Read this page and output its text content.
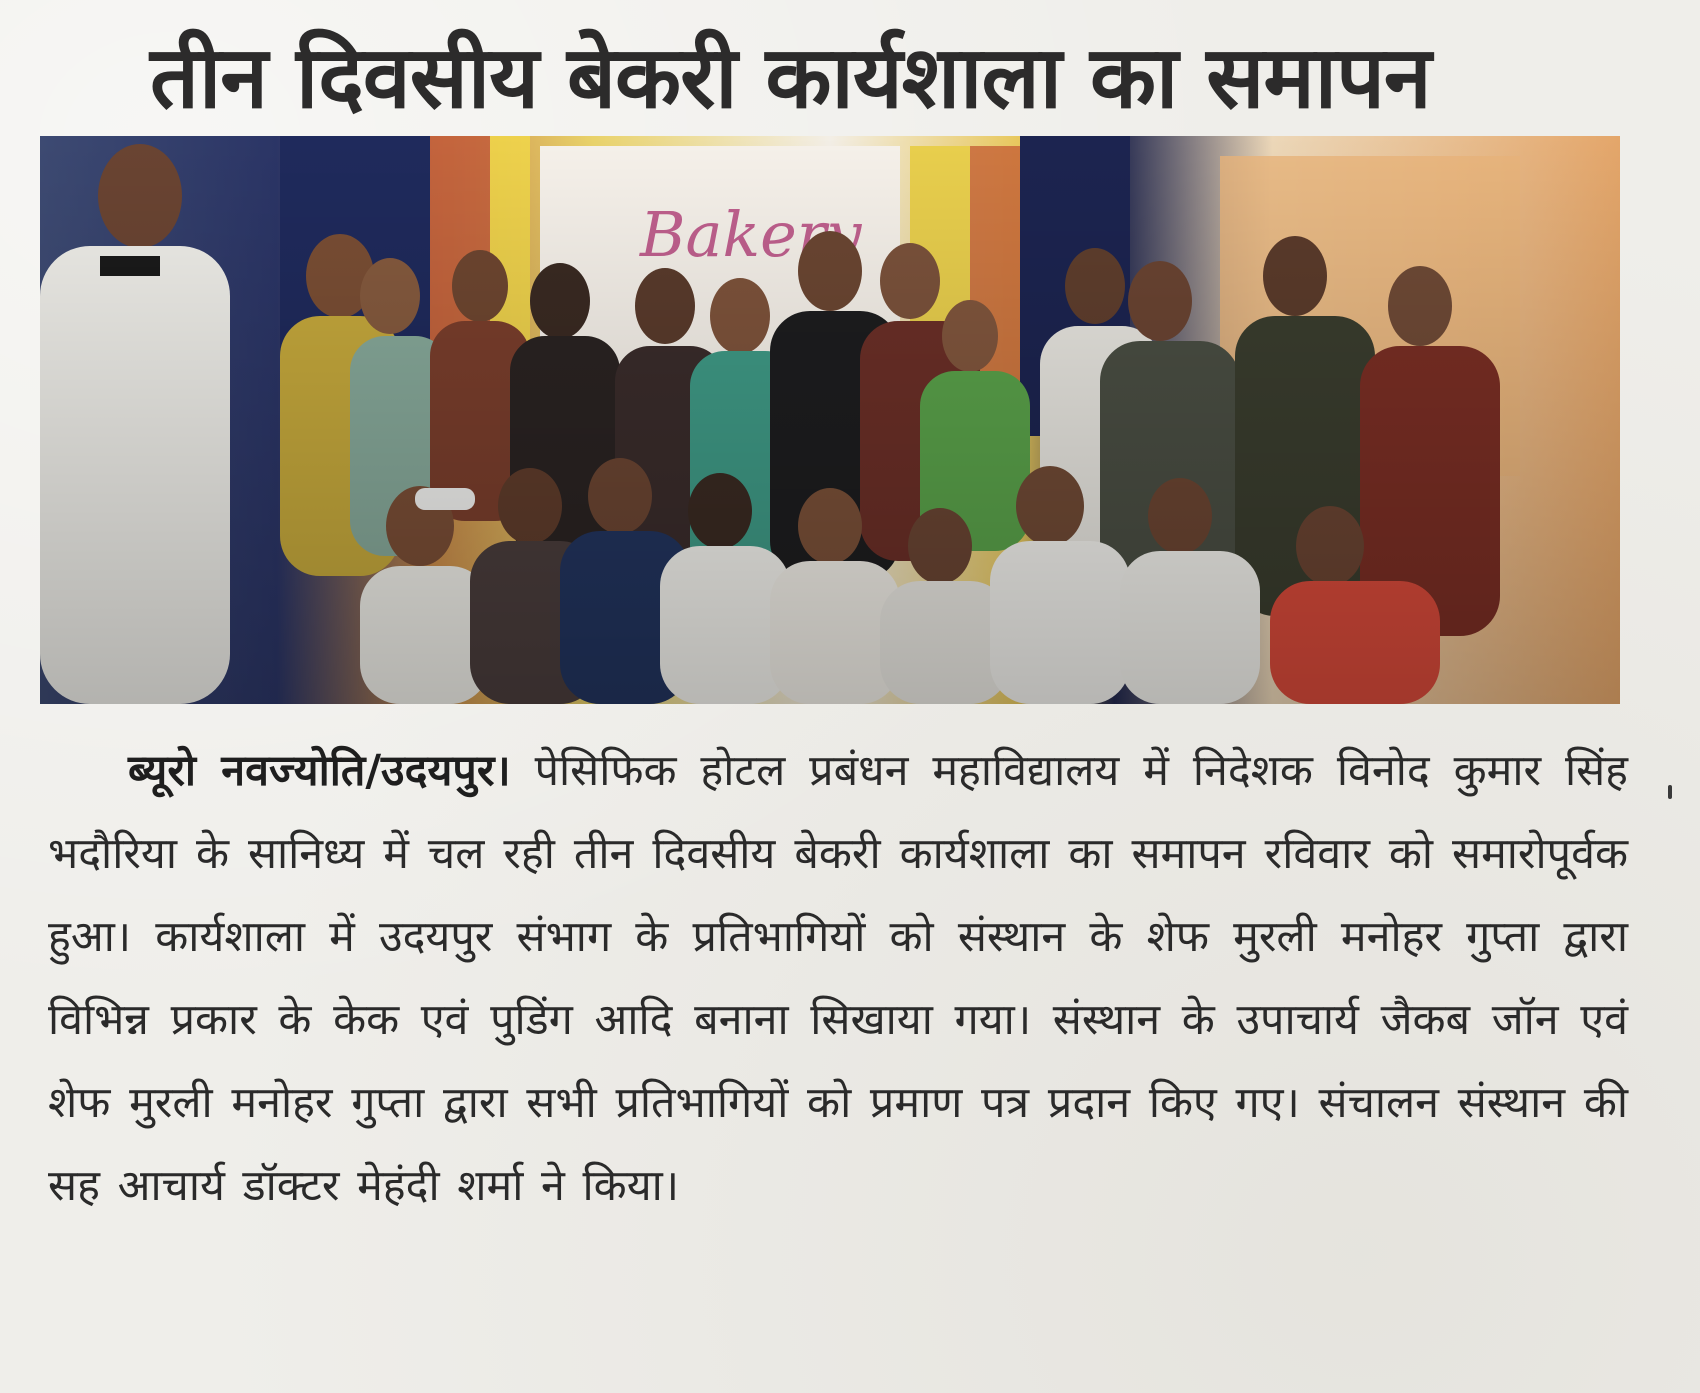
तीन दिवसीय बेकरी कार्यशाला का समापन

ब्यूरो नवज्योति/उदयपुर। पेसिफिक होटल प्रबंधन महाविद्यालय में निदेशक विनोद कुमार सिंह भदौरिया के सानिध्य में चल रही तीन दिवसीय बेकरी कार्यशाला का समापन रविवार को समारोपूर्वक हुआ। कार्यशाला में उदयपुर संभाग के प्रतिभागियों को संस्थान के शेफ मुरली मनोहर गुप्ता द्वारा विभिन्न प्रकार के केक एवं पुडिंग आदि बनाना सिखाया गया। संस्थान के उपाचार्य जैकब जॉन एवं शेफ मुरली मनोहर गुप्ता द्वारा सभी प्रतिभागियों को प्रमाण पत्र प्रदान किए गए। संचालन संस्थान की सह आचार्य डॉक्टर मेहंदी शर्मा ने किया।
